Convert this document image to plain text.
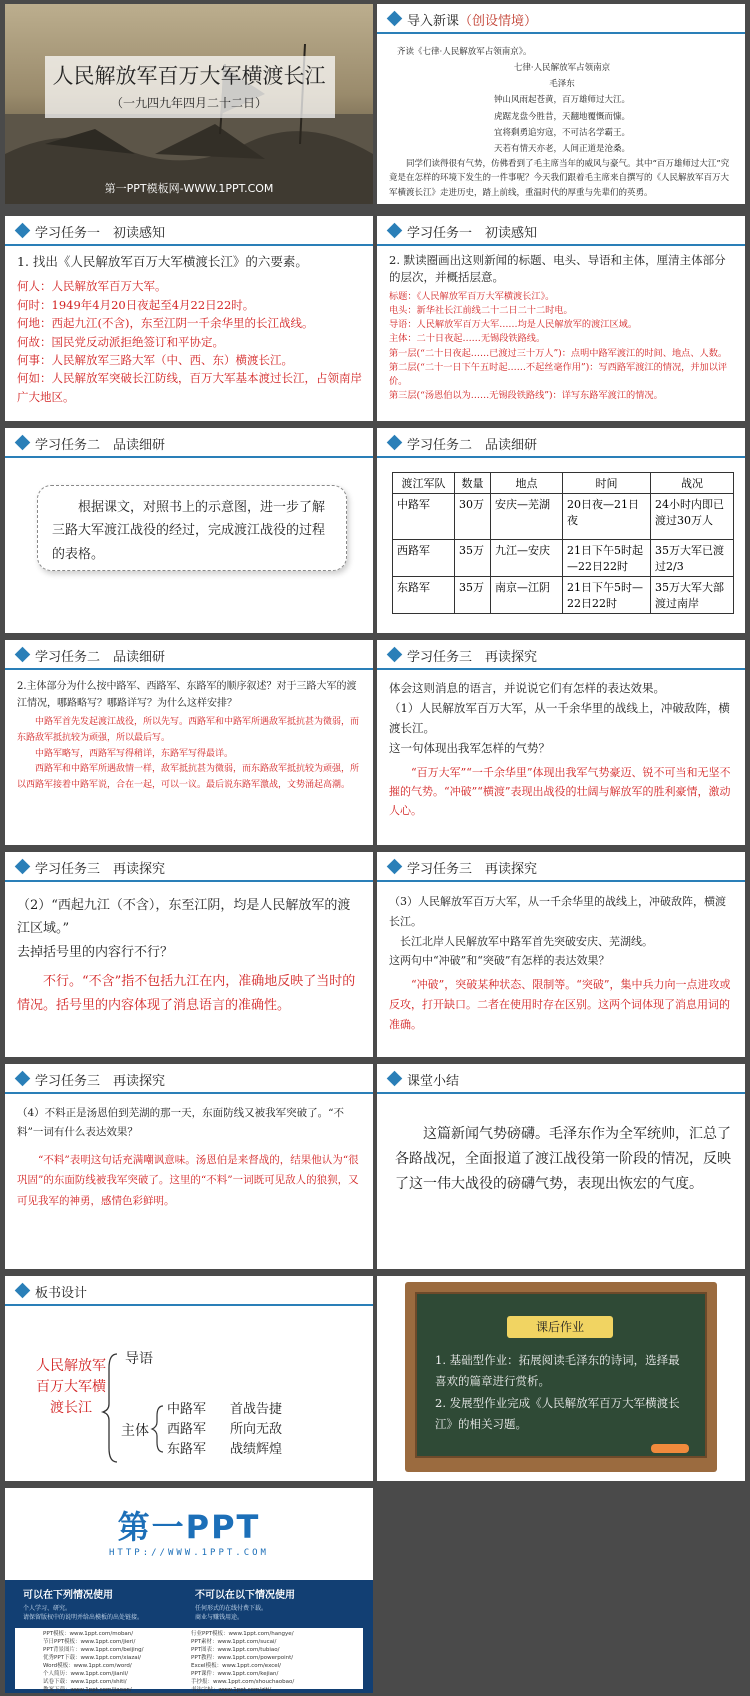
人民解放军百万大军横渡长江
（一九四九年四月二十二日）
第一PPT模板网-WWW.1PPT.COM
导入新课（创设情境）
齐读《七律·人民解放军占领南京》。
七律·人民解放军占领南京
毛泽东
钟山风雨起苍黄，百万雄师过大江。
虎踞龙盘今胜昔，天翻地覆慨而慷。
宜将剩勇追穷寇，不可沽名学霸王。
天若有情天亦老，人间正道是沧桑。
同学们读得很有气势，仿佛看到了毛主席当年的威风与豪气。其中“百万雄师过大江”究竟是在怎样的环境下发生的一件事呢？今天我们跟着毛主席来自撰写的《人民解放军百万大军横渡长江》走进历史，踏上前线，重温时代的厚重与先辈们的英勇。
学习任务一　初读感知
1. 找出《人民解放军百万大军横渡长江》的六要素。
何人：人民解放军百万大军。
何时：1949年4月20日夜起至4月22日22时。
何地：西起九江(不含)，东至江阴一千余华里的长江战线。
何故：国民党反动派拒绝签订和平协定。
何事：人民解放军三路大军（中、西、东）横渡长江。
何如：人民解放军突破长江防线，百万大军基本渡过长江，占领南岸广大地区。
学习任务一　初读感知
2. 默读圈画出这则新闻的标题、电头、导语和主体，厘清主体部分的层次，并概括层意。
标题：《人民解放军百万大军横渡长江》。
电头：新华社长江前线二十二日二十二时电。
导语：人民解放军百万大军……均是人民解放军的渡江区域。
主体：二十日夜起……无锡段铁路线。
第一层(“二十日夜起……已渡过三十万人”)：点明中路军渡江的时间、地点、人数。
第二层(“二十一日下午五时起……不起丝毫作用”)：写西路军渡江的情况，并加以评价。
第三层(“汤恩伯以为……无锡段铁路线”)：详写东路军渡江的情况。
学习任务二　品读细研
根据课文，对照书上的示意图，进一步了解三路大军渡江战役的经过，完成渡江战役的过程的表格。
学习任务二　品读细研
渡江军队	数量	地点	时间	战况
中路军	30万	安庆—芜湖	20日夜—21日夜	24小时内即已渡过30万人
西路军	35万	九江—安庆	21日下午5时起—22日22时	35万大军已渡过2/3
东路军	35万	南京—江阴	21日下午5时—22日22时	35万大军大部渡过南岸
学习任务二　品读细研
2.主体部分为什么按中路军、西路军、东路军的顺序叙述？对于三路大军的渡江情况，哪路略写？哪路详写？为什么这样安排？
中路军首先发起渡江战役，所以先写。西路军和中路军所遇敌军抵抗甚为微弱，而东路敌军抵抗较为顽强，所以最后写。
中路军略写，西路军写得稍详，东路军写得最详。
西路军和中路军所遇敌情一样，敌军抵抗甚为微弱，而东路敌军抵抗较为顽强，所以西路军接着中路军说，合在一起，可以一议。最后说东路军激战，文势涌起高潮。
学习任务三　再读探究
体会这则消息的语言，并说说它们有怎样的表达效果。
（1）人民解放军百万大军，从一千余华里的战线上，冲破敌阵，横渡长江。
这一句体现出我军怎样的气势？
“百万大军”“一千余华里”体现出我军气势豪迈、锐不可当和无坚不摧的气势。“冲破”“横渡”表现出战役的壮阔与解放军的胜利豪情，激动人心。
学习任务三　再读探究
（2）“西起九江（不含），东至江阴，均是人民解放军的渡江区域。”
去掉括号里的内容行不行？
不行。“不含”指不包括九江在内，准确地反映了当时的情况。括号里的内容体现了消息语言的准确性。
学习任务三　再读探究
（3）人民解放军百万大军，从一千余华里的战线上，冲破敌阵，横渡长江。
长江北岸人民解放军中路军首先突破安庆、芜湖线。
这两句中“冲破”和“突破”有怎样的表达效果？
“冲破”，突破某种状态、限制等。“突破”，集中兵力向一点进攻或反攻，打开缺口。二者在使用时存在区别。这两个词体现了消息用词的准确。
学习任务三　再读探究
（4）不料正是汤恩伯到芜湖的那一天，东面防线又被我军突破了。“不料”一词有什么表达效果？
“不料”表明这句话充满嘲讽意味。汤恩伯是来督战的，结果他认为“很巩固”的东面防线被我军突破了。这里的“不料”一词既可见敌人的狼狈，又可见我军的神勇，感情色彩鲜明。
课堂小结
这篇新闻气势磅礴。毛泽东作为全军统帅，汇总了各路战况，全面报道了渡江战役第一阶段的情况，反映了这一伟大战役的磅礴气势，表现出恢宏的气度。
板书设计
人民解放军百万大军横渡长江
导语
主体
中路军
西路军
东路军
首战告捷
所向无敌
战绩辉煌
课后作业
1. 基础型作业：拓展阅读毛泽东的诗词，选择最喜欢的篇章进行赏析。
2. 发展型作业完成《人民解放军百万大军横渡长江》的相关习题。
第一PPT
HTTP://WWW.1PPT.COM
可以在下列情况使用
个人学习、研究。
请保留版权中的说明并给出模板的出处链接。
不可以在以下情况使用
任何形式的在线付费下载。
商业与赚钱用途。
PPT模板：www.1ppt.com/moban/
节日PPT模板：www.1ppt.com/jieri/
PPT背景图片：www.1ppt.com/beijing/
优秀PPT下载：www.1ppt.com/xiazai/
Word模板：www.1ppt.com/word/
个人简历：www.1ppt.com/jianli/
试卷下载：www.1ppt.com/shiti/
教案下载：www.1ppt.com/jiaoan/
行业PPT模板：www.1ppt.com/hangye/
PPT素材：www.1ppt.com/sucai/
PPT图表：www.1ppt.com/tubiao/
PPT教程：www.1ppt.com/powerpoint/
Excel模板：www.1ppt.com/excel/
PPT课件：www.1ppt.com/kejian/
手抄报：www.1ppt.com/shouchaobao/
书法字帖：www.1ppt.com/ziti/
